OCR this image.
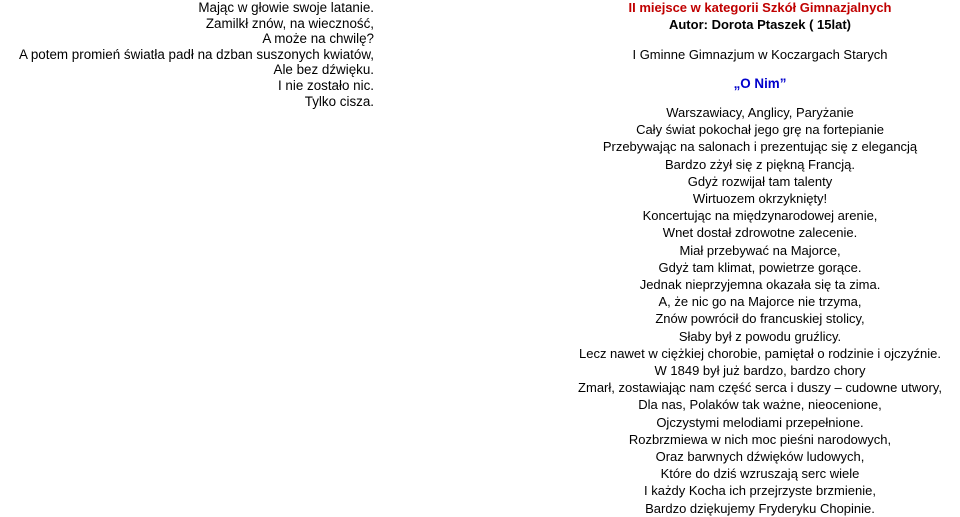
Mając w głowie swoje latanie.
Zamilkł znów, na wieczność,
A może na chwilę?
A potem promień światła padł na dzban suszonych kwiatów,
Ale bez dźwięku.
I nie zostało nic.
Tylko cisza.
II miejsce w kategorii Szkół Gimnazjalnych
Autor: Dorota Ptaszek ( 15lat)
I Gminne Gimnazjum w Koczargach Starych
„O Nim”
Warszawiacy, Anglicy, Paryżanie
Cały świat pokochał jego grę na fortepianie
Przebywając na salonach i prezentując się z elegancją
Bardzo zżył się z piękną Francją.
Gdyż rozwijał tam talenty
Wirtuozem okrzyknięty!
Koncertując na międzynarodowej arenie,
Wnet dostał zdrowotne zalecenie.
Miał przebywać na Majorce,
Gdyż tam klimat, powietrze gorące.
Jednak nieprzyjemna okazała się ta zima.
A, że nic go na Majorce nie trzyma,
Znów powrócił do francuskiej stolicy,
Słaby był z powodu gruźlicy.
Lecz nawet w ciężkiej chorobie, pamiętał o rodzinie i ojczyźnie.
W 1849 był już bardzo, bardzo chory
Zmarł, zostawiając nam część serca i duszy – cudowne utwory,
Dla nas, Polaków tak ważne, nieocenione,
Ojczystymi melodiami przepełnione.
Rozbrzmiewa w nich moc pieśni narodowych,
Oraz barwnych dźwięków ludowych,
Które do dziś wzruszają serc wiele
I każdy Kocha ich przejrzyste brzmienie,
Bardzo dziękujemy Fryderyku Chopinie.
